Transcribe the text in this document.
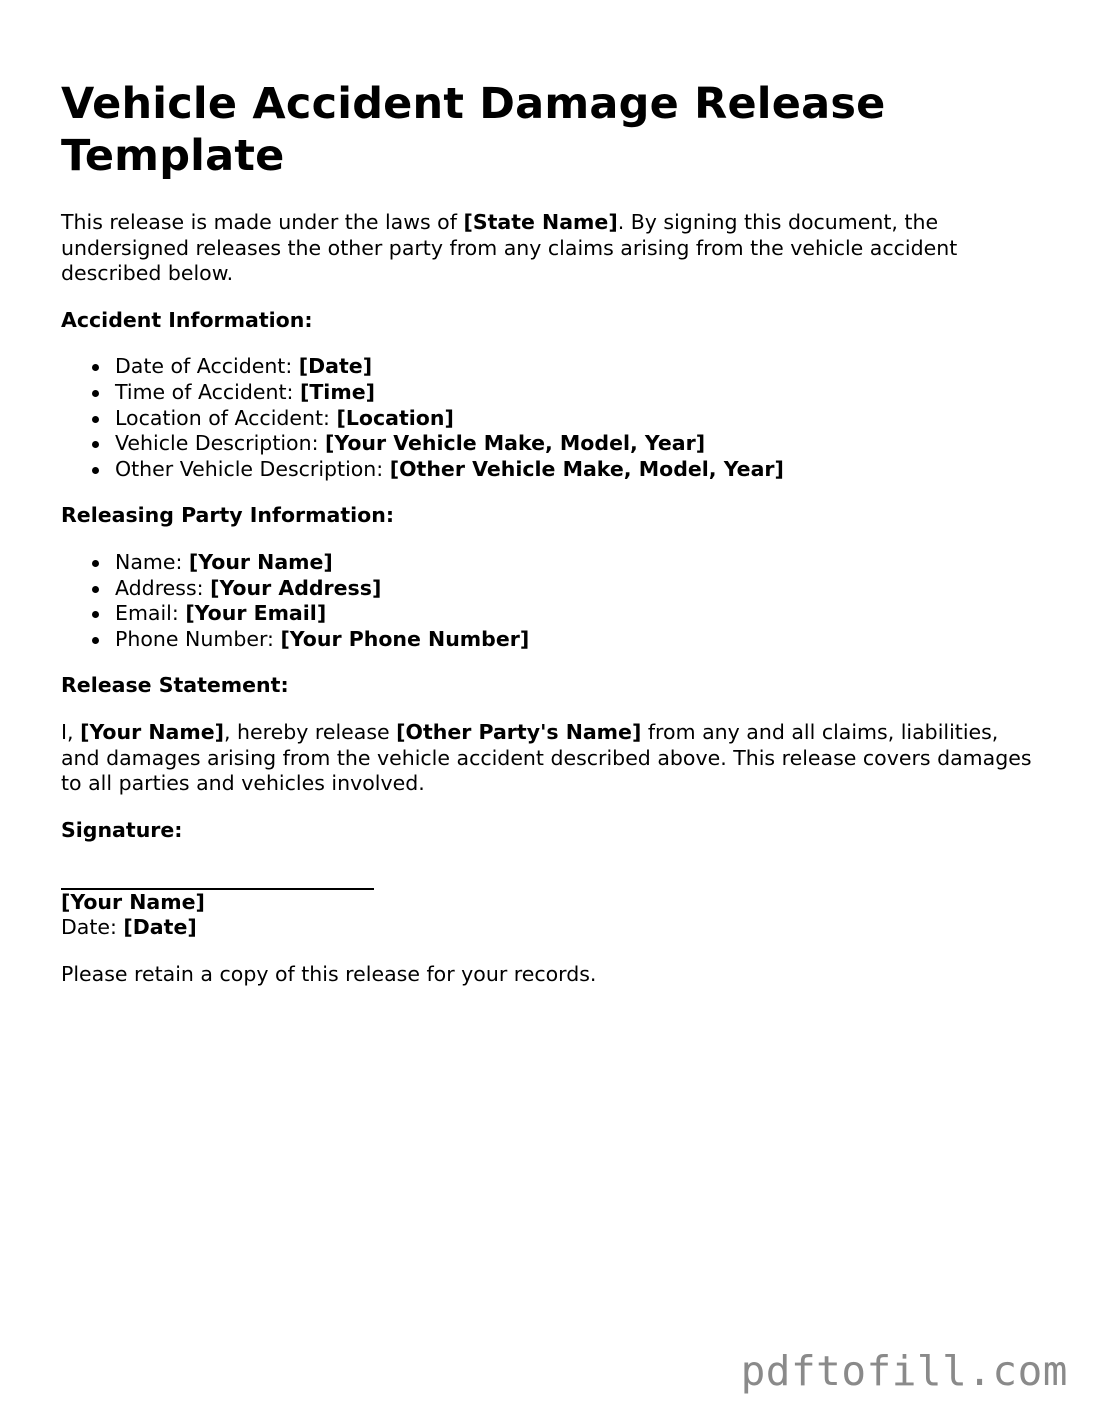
Vehicle Accident Damage Release Template

This release is made under the laws of [State Name]. By signing this document, the undersigned releases the other party from any claims arising from the vehicle accident described below.

Accident Information:

Date of Accident: [Date]
Time of Accident: [Time]
Location of Accident: [Location]
Vehicle Description: [Your Vehicle Make, Model, Year]
Other Vehicle Description: [Other Vehicle Make, Model, Year]

Releasing Party Information:

Name: [Your Name]
Address: [Your Address]
Email: [Your Email]
Phone Number: [Your Phone Number]

Release Statement:

I, [Your Name], hereby release [Other Party's Name] from any and all claims, liabilities, and damages arising from the vehicle accident described above. This release covers damages to all parties and vehicles involved.

Signature:

[Your Name]

Date: [Date]

Please retain a copy of this release for your records.

pdftofill.com
